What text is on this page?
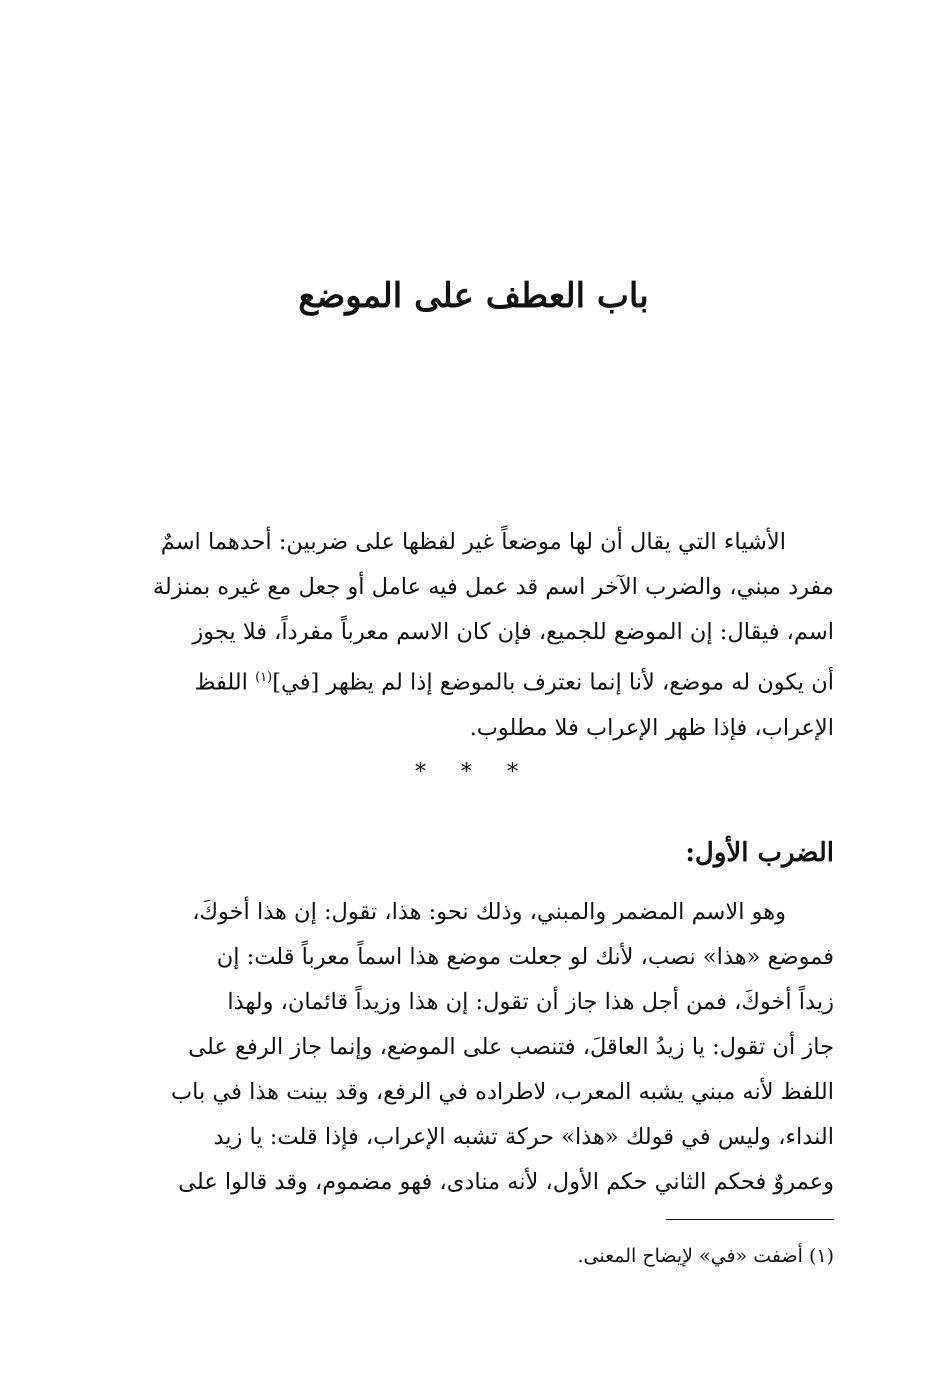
باب العطف على الموضع
الأشياء التي يقال أن لها موضعاً غير لفظها على ضربين: أحدهما اسمٌ
مفرد مبني، والضرب الآخر اسم قد عمل فيه عامل أو جعل مع غيره بمنزلة
اسم، فيقال: إن الموضع للجميع، فإن كان الاسم معرباً مفرداً، فلا يجوز
أن يكون له موضع، لأنا إنما نعترف بالموضع إذا لم يظهر [في]$^{(١)}$ اللفظ
الإعراب، فإذا ظهر الإعراب فلا مطلوب.
* * *
الضرب الأول:
وهو الاسم المضمر والمبني، وذلك نحو: هذا، تقول: إن هذا أخوكَ،
فموضع «هذا» نصب، لأنك لو جعلت موضع هذا اسماً معرباً قلت: إن
زيداً أخوكَ، فمن أجل هذا جاز أن تقول: إن هذا وزيداً قائمان، ولهذا
جاز أن تقول: يا زيدُ العاقلَ، فتنصب على الموضع، وإنما جاز الرفع على
اللفظ لأنه مبني يشبه المعرب، لاطراده في الرفع، وقد بينت هذا في باب
النداء، وليس في قولك «هذا» حركة تشبه الإعراب، فإذا قلت: يا زيد
وعمروٌ فحكم الثاني حكم الأول، لأنه منادى، فهو مضموم، وقد قالوا على
(١) أضفت «في» لإيضاح المعنى.
